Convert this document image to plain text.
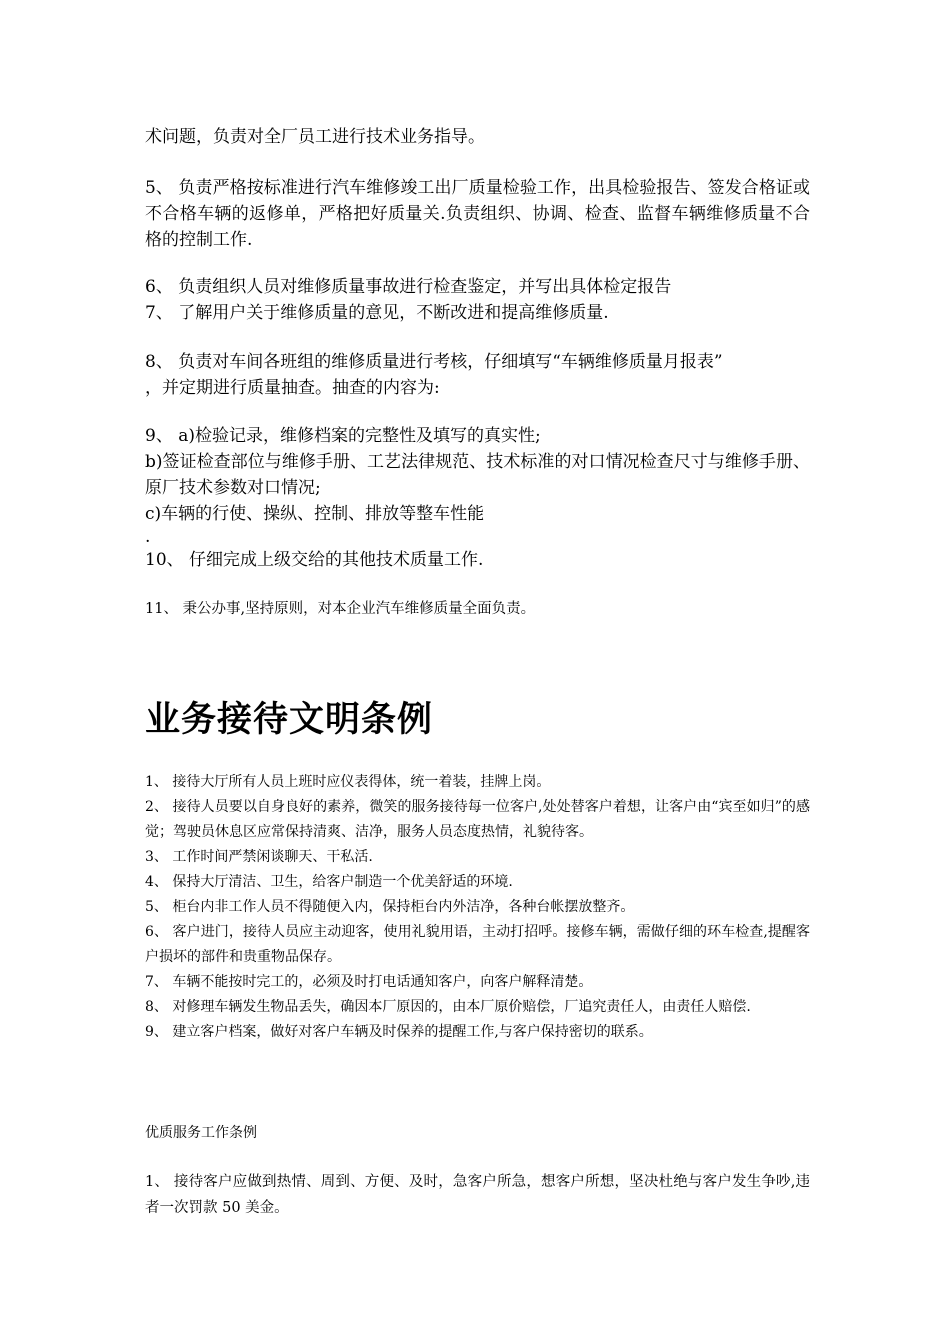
术问题，负责对全厂员工进行技术业务指导。
5、 负责严格按标准进行汽车维修竣工出厂质量检验工作，出具检验报告、签发合格证或不合格车辆的返修单，严格把好质量关.负责组织、协调、检查、监督车辆维修质量不合格的控制工作.
6、 负责组织人员对维修质量事故进行检查鉴定，并写出具体检定报告
7、 了解用户关于维修质量的意见，不断改进和提高维修质量.
8、 负责对车间各班组的维修质量进行考核，仔细填写“车辆维修质量月报表”
，并定期进行质量抽查。抽查的内容为:
9、 a)检验记录，维修档案的完整性及填写的真实性;
b)签证检查部位与维修手册、工艺法律规范、技术标准的对口情况检查尺寸与维修手册、原厂技术参数对口情况;
c)车辆的行使、操纵、控制、排放等整车性能
.
10、 仔细完成上级交给的其他技术质量工作.
11、 秉公办事,坚持原则，对本企业汽车维修质量全面负责。
业务接待文明条例
1、 接待大厅所有人员上班时应仪表得体，统一着装，挂牌上岗。
2、 接待人员要以自身良好的素养，微笑的服务接待每一位客户,处处替客户着想，让客户由“宾至如归”的感觉；驾驶员休息区应常保持清爽、洁净，服务人员态度热情，礼貌待客。
3、 工作时间严禁闲谈聊天、干私活.
4、 保持大厅清洁、卫生，给客户制造一个优美舒适的环境.
5、 柜台内非工作人员不得随便入内，保持柜台内外洁净，各种台帐摆放整齐。
6、 客户进门，接待人员应主动迎客，使用礼貌用语，主动打招呼。接修车辆，需做仔细的环车检查,提醒客户损坏的部件和贵重物品保存。
7、 车辆不能按时完工的，必须及时打电话通知客户，向客户解释清楚。
8、 对修理车辆发生物品丢失，确因本厂原因的，由本厂原价赔偿，厂追究责任人，由责任人赔偿.
9、 建立客户档案，做好对客户车辆及时保养的提醒工作,与客户保持密切的联系。
优质服务工作条例
1、 接待客户应做到热情、周到、方便、及时，急客户所急，想客户所想，坚决杜绝与客户发生争吵,违者一次罚款 50 美金。
